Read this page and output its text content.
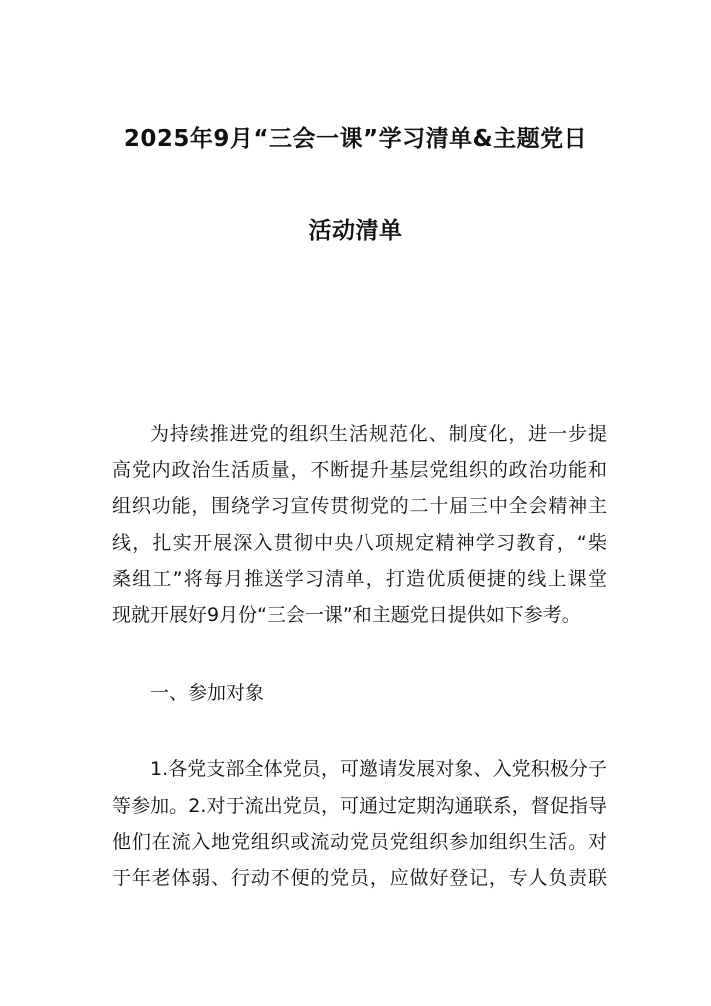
2025年9月“三会一课”学习清单&主题党日
活动清单
为持续推进党的组织生活规范化、制度化，进一步提
高党内政治生活质量，不断提升基层党组织的政治功能和
组织功能，围绕学习宣传贯彻党的二十届三中全会精神主
线，扎实开展深入贯彻中央八项规定精神学习教育，“柴
桑组工”将每月推送学习清单，打造优质便捷的线上课堂
现就开展好9月份“三会一课”和主题党日提供如下参考。
一、参加对象
1.各党支部全体党员，可邀请发展对象、入党积极分子
等参加。2.对于流出党员，可通过定期沟通联系，督促指导
他们在流入地党组织或流动党员党组织参加组织生活。对
于年老体弱、行动不便的党员，应做好登记，专人负责联
